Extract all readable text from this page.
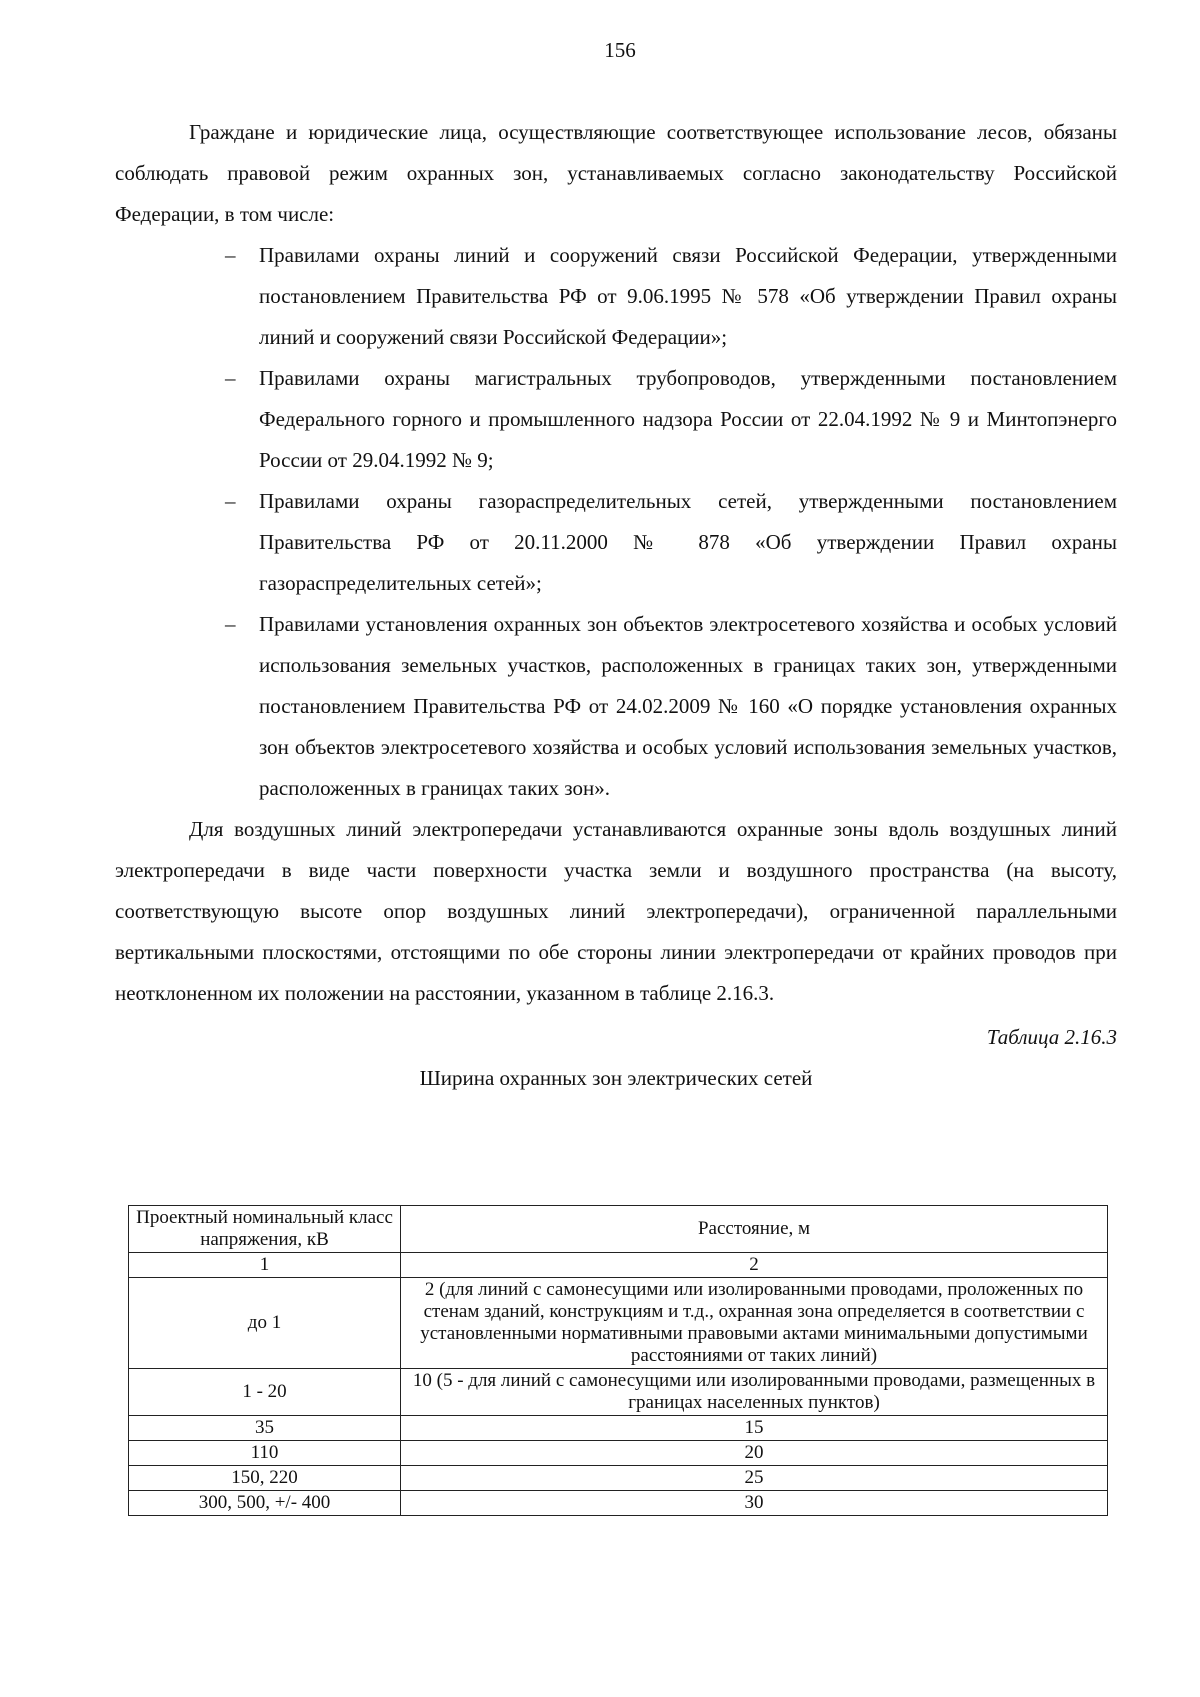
156

Граждане и юридические лица, осуществляющие соответствующее использование лесов, обязаны соблюдать правовой режим охранных зон, устанавливаемых согласно законодательству Российской Федерации, в том числе:

– Правилами охраны линий и сооружений связи Российской Федерации, утвержденными постановлением Правительства РФ от 9.06.1995 № 578 «Об утверждении Правил охраны линий и сооружений связи Российской Федерации»;
– Правилами охраны магистральных трубопроводов, утвержденными постановлением Федерального горного и промышленного надзора России от 22.04.1992 № 9 и Минтопэнерго России от 29.04.1992 № 9;
– Правилами охраны газораспределительных сетей, утвержденными постановлением Правительства РФ от 20.11.2000 № 878 «Об утверждении Правил охраны газораспределительных сетей»;
– Правилами установления охранных зон объектов электросетевого хозяйства и особых условий использования земельных участков, расположенных в границах таких зон, утвержденными постановлением Правительства РФ от 24.02.2009 № 160 «О порядке установления охранных зон объектов электросетевого хозяйства и особых условий использования земельных участков, расположенных в границах таких зон».

Для воздушных линий электропередачи устанавливаются охранные зоны вдоль воздушных линий электропередачи в виде части поверхности участка земли и воздушного пространства (на высоту, соответствующую высоте опор воздушных линий электропередачи), ограниченной параллельными вертикальными плоскостями, отстоящими по обе стороны линии электропередачи от крайних проводов при неотклоненном их положении на расстоянии, указанном в таблице 2.16.3.

Таблица 2.16.3

Ширина охранных зон электрических сетей

Проектный номинальный класс напряжения, кВ	Расстояние, м
1	2
до 1	2 (для линий с самонесущими или изолированными проводами, проложенных по стенам зданий, конструкциям и т.д., охранная зона определяется в соответствии с установленными нормативными правовыми актами минимальными допустимыми расстояниями от таких линий)
1 - 20	10 (5 - для линий с самонесущими или изолированными проводами, размещенных в границах населенных пунктов)
35	15
110	20
150, 220	25
300, 500, +/- 400	30
